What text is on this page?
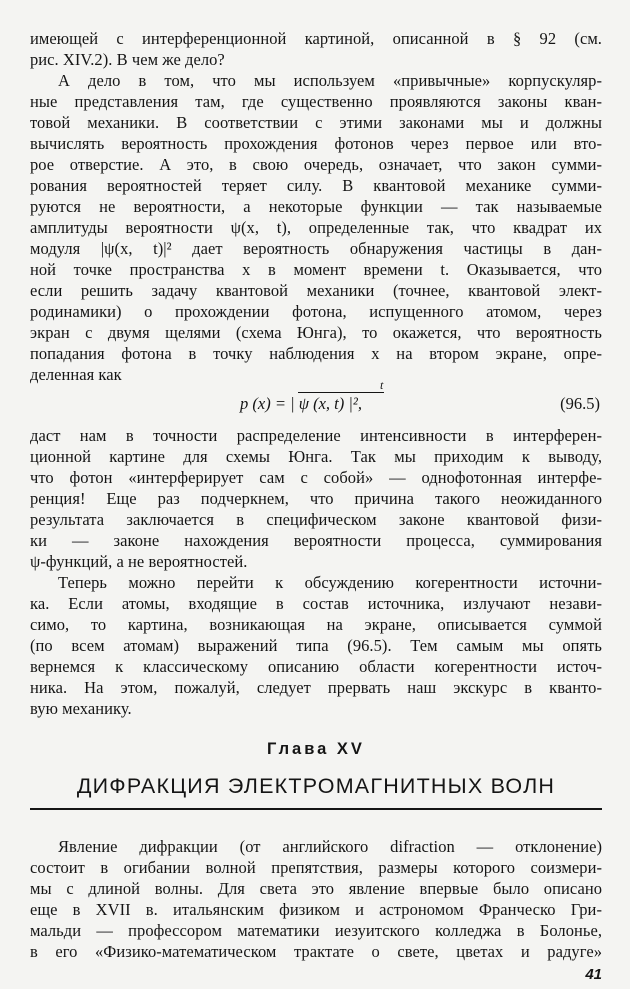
имеющей с интерференционной картиной, описанной в § 92 (см.
рис. XIV.2). В чем же дело?
А дело в том, что мы используем «привычные» корпускуляр-
ные представления там, где существенно проявляются законы кван-
товой механики. В соответствии с этими законами мы и должны
вычислять вероятность прохождения фотонов через первое или вто-
рое отверстие. А это, в свою очередь, означает, что закон сумми-
рования вероятностей теряет силу. В квантовой механике сумми-
руются не вероятности, а некоторые функции — так называемые
амплитуды вероятности ψ(x, t), определенные так, что квадрат их
модуля |ψ(x, t)|² дает вероятность обнаружения частицы в дан-
ной точке пространства x в момент времени t. Оказывается, что
если решить задачу квантовой механики (точнее, квантовой элект-
родинамики) о прохождении фотона, испущенного атомом, через
экран с двумя щелями (схема Юнга), то окажется, что вероятность
попадания фотона в точку наблюдения x на втором экране, опре-
деленная как
t
p (x) = | ψ (x, t) |²,	(96.5)
даст нам в точности распределение интенсивности в интерферен-
ционной картине для схемы Юнга. Так мы приходим к выводу,
что фотон «интерферирует сам с собой» — однофотонная интерфе-
ренция! Еще раз подчеркнем, что причина такого неожиданного
результата заключается в специфическом законе квантовой физи-
ки — законе нахождения вероятности процесса, суммирования
ψ-функций, а не вероятностей.
Теперь можно перейти к обсуждению когерентности источни-
ка. Если атомы, входящие в состав источника, излучают незави-
симо, то картина, возникающая на экране, описывается суммой
(по всем атомам) выражений типа (96.5). Тем самым мы опять
вернемся к классическому описанию области когерентности источ-
ника. На этом, пожалуй, следует прервать наш экскурс в кванто-
вую механику.
Глава XV
ДИФРАКЦИЯ ЭЛЕКТРОМАГНИТНЫХ ВОЛН
Явление дифракции (от английского difraction — отклонение)
состоит в огибании волной препятствия, размеры которого соизмери-
мы с длиной волны. Для света это явление впервые было описано
еще в XVII в. итальянским физиком и астрономом Франческо Гри-
мальди — профессором математики иезуитского колледжа в Болонье,
в его «Физико-математическом трактате о свете, цветах и радуге»
41
